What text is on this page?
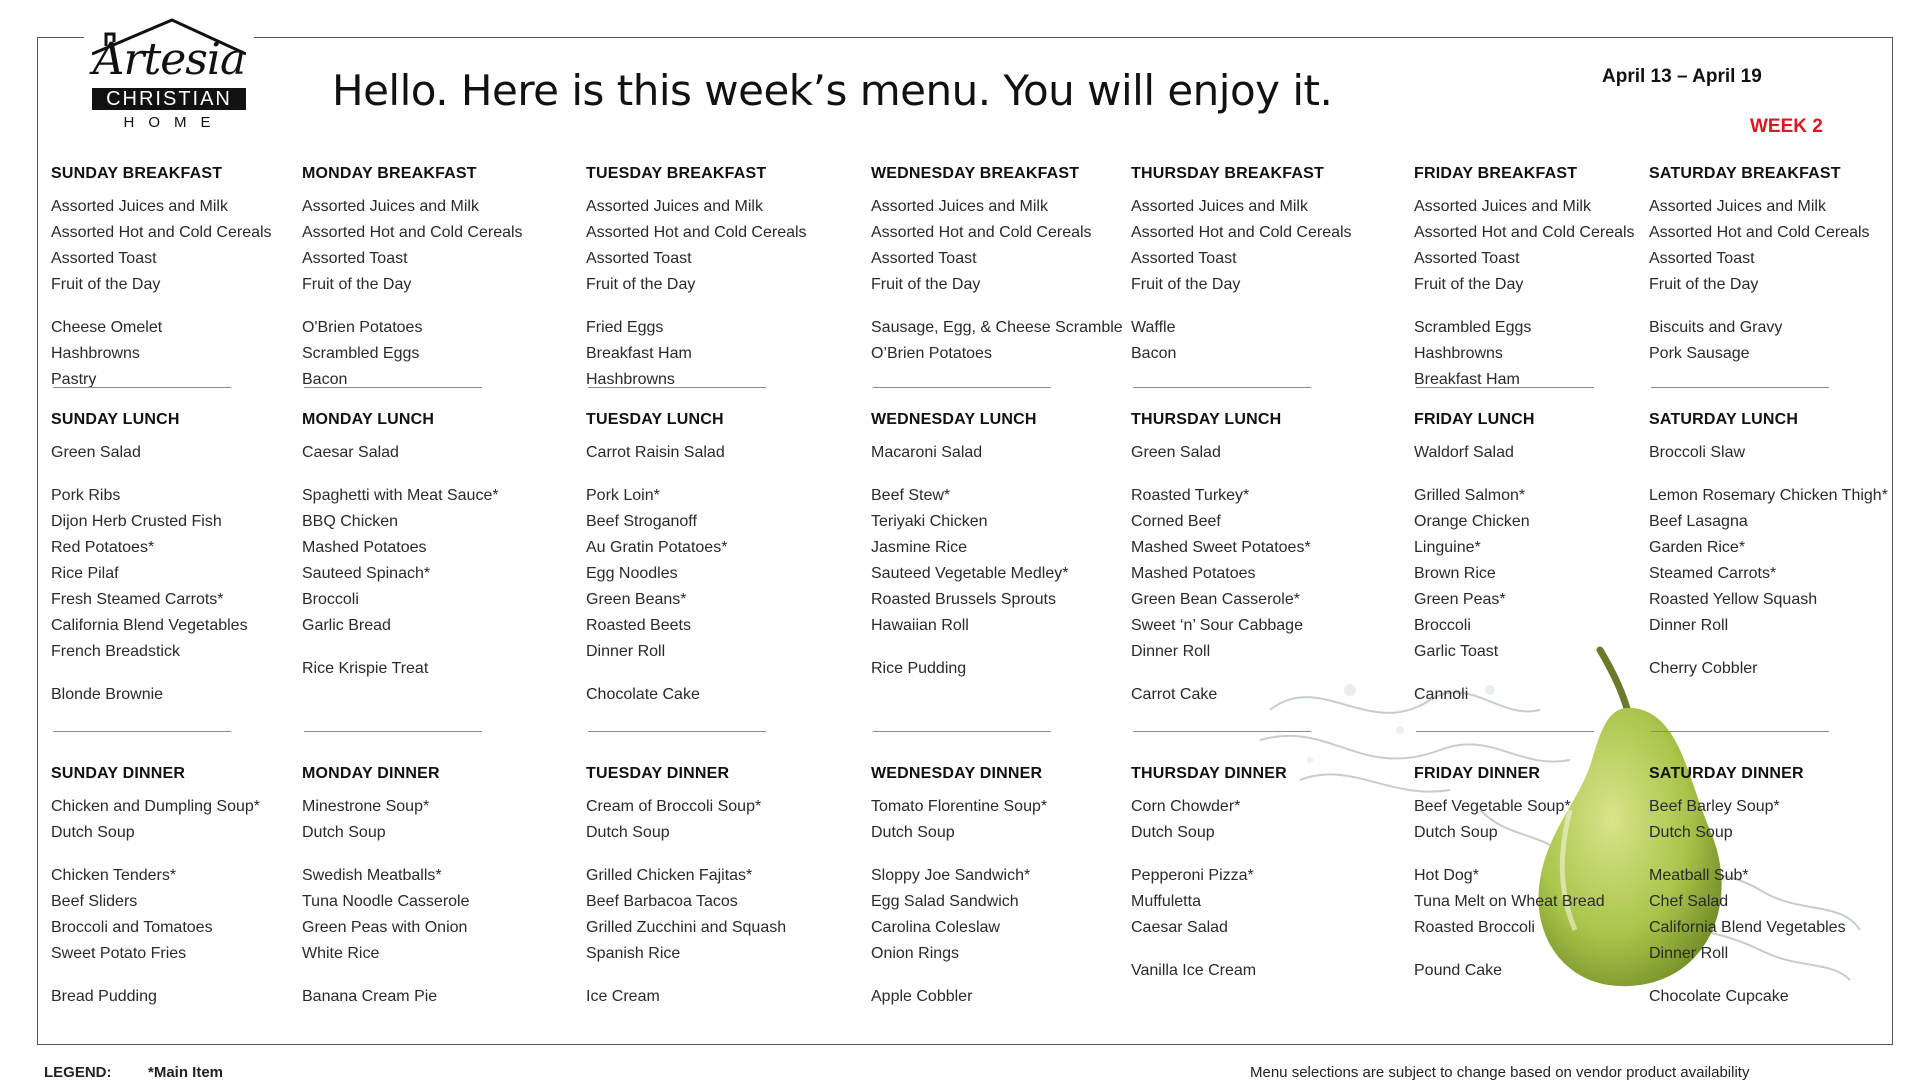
Artesia
CHRISTIAN
HOME
Hello. Here is this week’s menu. You will enjoy it.	April 13 – April 19
WEEK 2
SUNDAY BREAKFAST
Assorted Juices and Milk
Assorted Hot and Cold Cereals
Assorted Toast
Fruit of the Day
Cheese Omelet
Hashbrowns
Pastry
SUNDAY LUNCH
Green Salad
Pork Ribs
Dijon Herb Crusted Fish
Red Potatoes*
Rice Pilaf
Fresh Steamed Carrots*
California Blend Vegetables
French Breadstick
Blonde Brownie
SUNDAY DINNER
Chicken and Dumpling Soup*
Dutch Soup
Chicken Tenders*
Beef Sliders
Broccoli and Tomatoes
Sweet Potato Fries
Bread Pudding
MONDAY BREAKFAST
Assorted Juices and Milk
Assorted Hot and Cold Cereals
Assorted Toast
Fruit of the Day
O'Brien Potatoes
Scrambled Eggs
Bacon
MONDAY LUNCH
Caesar Salad
Spaghetti with Meat Sauce*
BBQ Chicken
Mashed Potatoes
Sauteed Spinach*
Broccoli
Garlic Bread
Rice Krispie Treat
MONDAY DINNER
Minestrone Soup*
Dutch Soup
Swedish Meatballs*
Tuna Noodle Casserole
Green Peas with Onion
White Rice
Banana Cream Pie
TUESDAY BREAKFAST
Assorted Juices and Milk
Assorted Hot and Cold Cereals
Assorted Toast
Fruit of the Day
Fried Eggs
Breakfast Ham
Hashbrowns
TUESDAY LUNCH
Carrot Raisin Salad
Pork Loin*
Beef Stroganoff
Au Gratin Potatoes*
Egg Noodles
Green Beans*
Roasted Beets
Dinner Roll
Chocolate Cake
TUESDAY DINNER
Cream of Broccoli Soup*
Dutch Soup
Grilled Chicken Fajitas*
Beef Barbacoa Tacos
Grilled Zucchini and Squash
Spanish Rice
Ice Cream
WEDNESDAY BREAKFAST
Assorted Juices and Milk
Assorted Hot and Cold Cereals
Assorted Toast
Fruit of the Day
Sausage, Egg, & Cheese Scramble
O’Brien Potatoes
WEDNESDAY LUNCH
Macaroni Salad
Beef Stew*
Teriyaki Chicken
Jasmine Rice
Sauteed Vegetable Medley*
Roasted Brussels Sprouts
Hawaiian Roll
Rice Pudding
WEDNESDAY DINNER
Tomato Florentine Soup*
Dutch Soup
Sloppy Joe Sandwich*
Egg Salad Sandwich
Carolina Coleslaw
Onion Rings
Apple Cobbler
THURSDAY BREAKFAST
Assorted Juices and Milk
Assorted Hot and Cold Cereals
Assorted Toast
Fruit of the Day
Waffle
Bacon
THURSDAY LUNCH
Green Salad
Roasted Turkey*
Corned Beef
Mashed Sweet Potatoes*
Mashed Potatoes
Green Bean Casserole*
Sweet ‘n’ Sour Cabbage
Dinner Roll
Carrot Cake
THURSDAY DINNER
Corn Chowder*
Dutch Soup
Pepperoni Pizza*
Muffuletta
Caesar Salad
Vanilla Ice Cream
FRIDAY BREAKFAST
Assorted Juices and Milk
Assorted Hot and Cold Cereals
Assorted Toast
Fruit of the Day
Scrambled Eggs
Hashbrowns
Breakfast Ham
FRIDAY LUNCH
Waldorf Salad
Grilled Salmon*
Orange Chicken
Linguine*
Brown Rice
Green Peas*
Broccoli
Garlic Toast
Cannoli
FRIDAY DINNER
Beef Vegetable Soup*
Dutch Soup
Hot Dog*
Tuna Melt on Wheat Bread
Roasted Broccoli
Pound Cake
SATURDAY BREAKFAST
Assorted Juices and Milk
Assorted Hot and Cold Cereals
Assorted Toast
Fruit of the Day
Biscuits and Gravy
Pork Sausage
SATURDAY LUNCH
Broccoli Slaw
Lemon Rosemary Chicken Thigh*
Beef Lasagna
Garden Rice*
Steamed Carrots*
Roasted Yellow Squash
Dinner Roll
Cherry Cobbler
SATURDAY DINNER
Beef Barley Soup*
Dutch Soup
Meatball Sub*
Chef Salad
California Blend Vegetables
Dinner Roll
Chocolate Cupcake
LEGEND: *Main Item	Menu selections are subject to change based on vendor product availability
